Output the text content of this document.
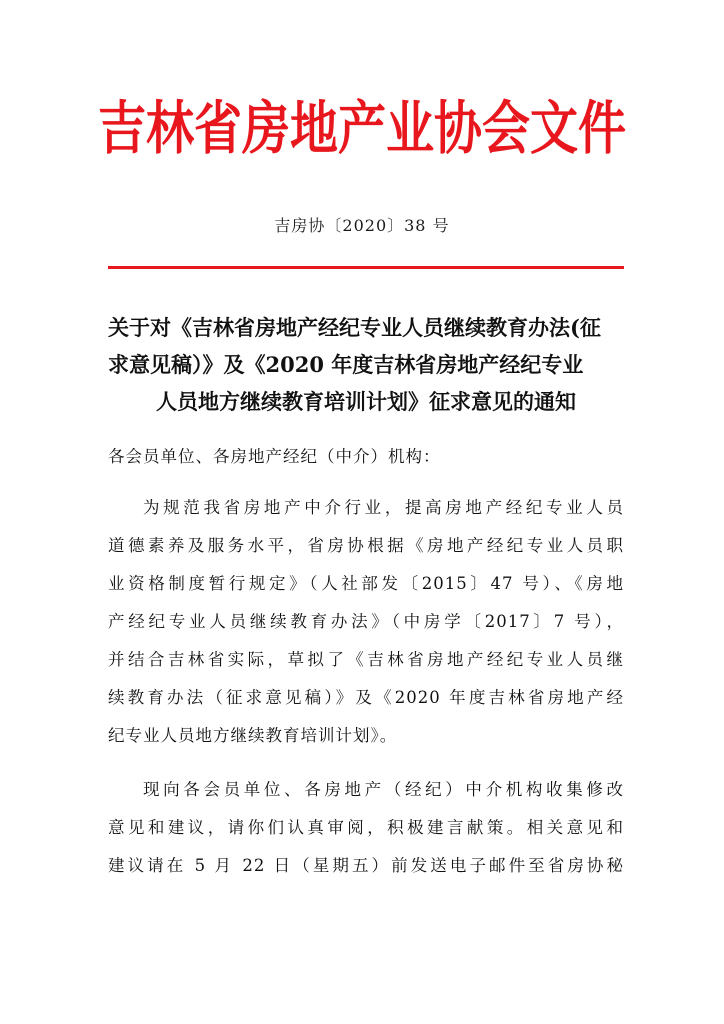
吉林省房地产业协会文件
吉房协〔2020〕38 号
关于对《吉林省房地产经纪专业人员继续教育办法(征
求意见稿）》及《2020 年度吉林省房地产经纪专业
人员地方继续教育培训计划》征求意见的通知
各会员单位、各房地产经纪（中介）机构：
为规范我省房地产中介行业，提高房地产经纪专业人员
道德素养及服务水平，省房协根据《房地产经纪专业人员职
业资格制度暂行规定》（人社部发〔2015〕47 号）、《房地
产经纪专业人员继续教育办法》（中房学〔2017〕7 号），
并结合吉林省实际，草拟了《吉林省房地产经纪专业人员继
续教育办法（征求意见稿）》及《2020 年度吉林省房地产经
纪专业人员地方继续教育培训计划》。
现向各会员单位、各房地产（经纪）中介机构收集修改
意见和建议，请你们认真审阅，积极建言献策。相关意见和
建议请在 5 月 22 日（星期五）前发送电子邮件至省房协秘
